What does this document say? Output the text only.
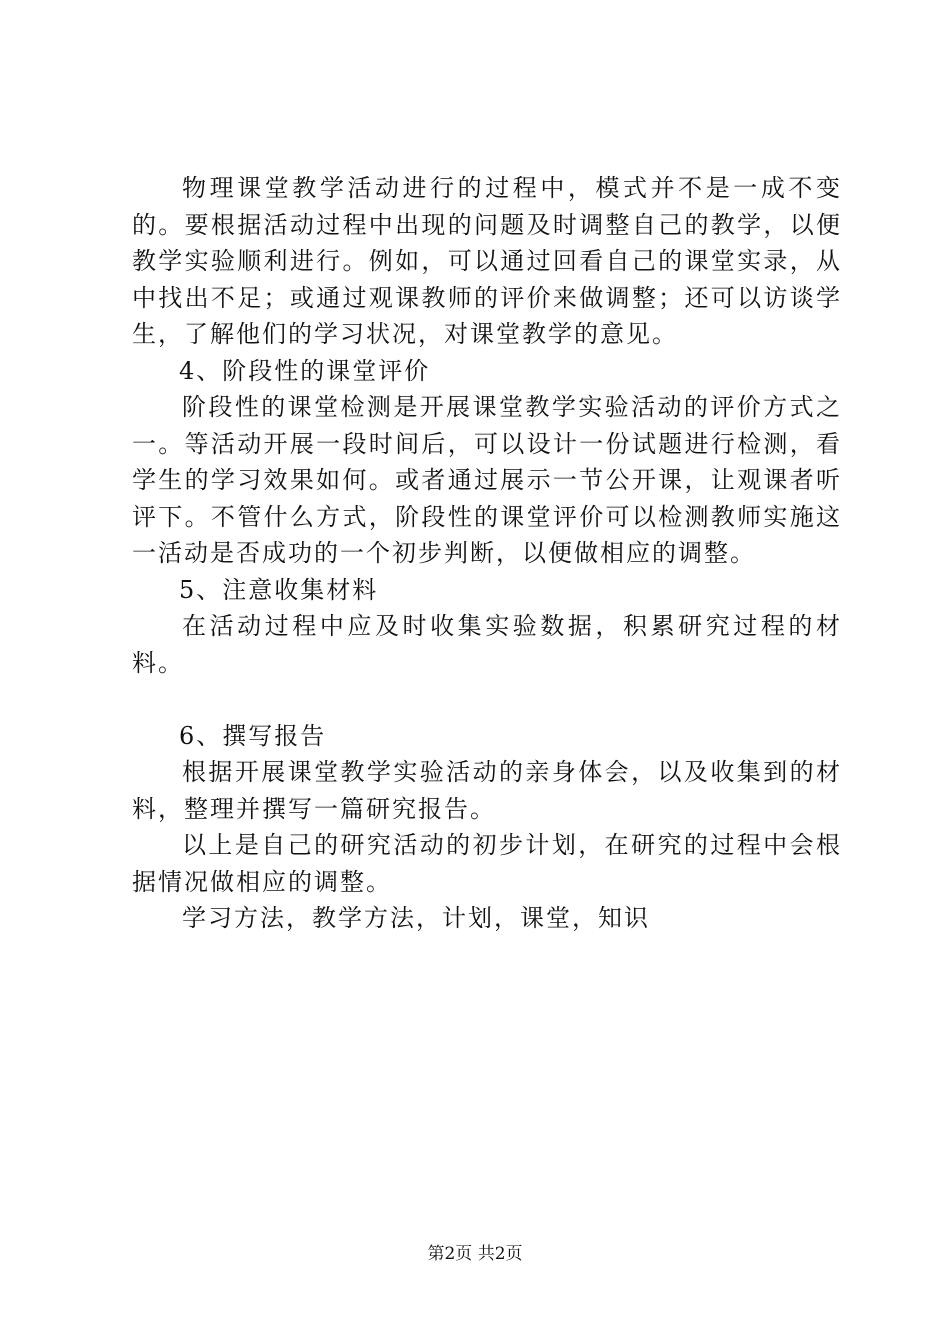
物理课堂教学活动进行的过程中，模式并不是一成不变的。要根据活动过程中出现的问题及时调整自己的教学，以便教学实验顺利进行。例如，可以通过回看自己的课堂实录，从中找出不足；或通过观课教师的评价来做调整；还可以访谈学生，了解他们的学习状况，对课堂教学的意见。

4、阶段性的课堂评价

阶段性的课堂检测是开展课堂教学实验活动的评价方式之一。等活动开展一段时间后，可以设计一份试题进行检测，看学生的学习效果如何。或者通过展示一节公开课，让观课者听评下。不管什么方式，阶段性的课堂评价可以检测教师实施这一活动是否成功的一个初步判断，以便做相应的调整。

5、注意收集材料

在活动过程中应及时收集实验数据，积累研究过程的材料。

6、撰写报告

根据开展课堂教学实验活动的亲身体会，以及收集到的材料，整理并撰写一篇研究报告。

以上是自己的研究活动的初步计划，在研究的过程中会根据情况做相应的调整。

学习方法，教学方法，计划，课堂，知识

第2页 共2页
